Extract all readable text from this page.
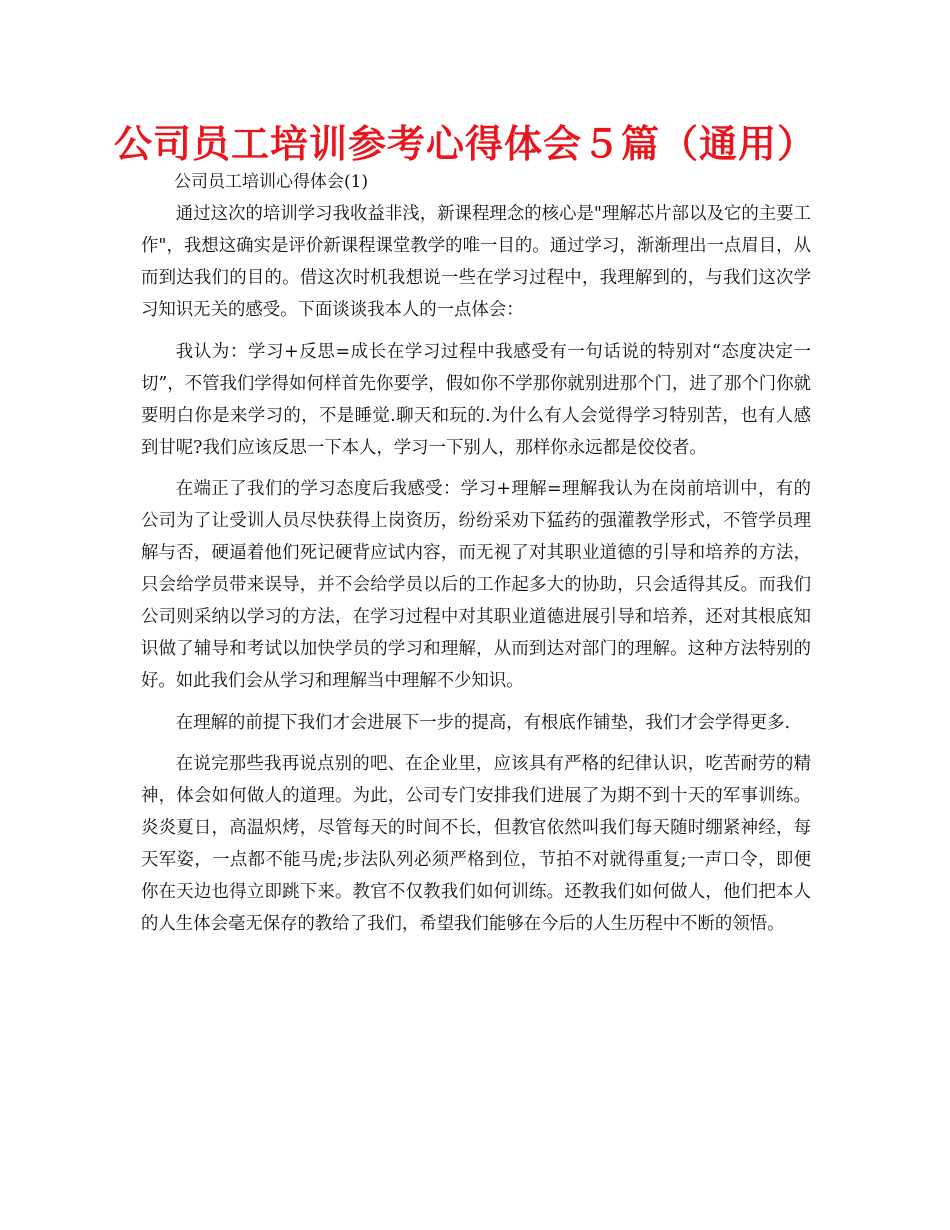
公司员工培训参考心得体会５篇（通用）
公司员工培训心得体会(1)

通过这次的培训学习我收益非浅，新课程理念的核心是"理解芯片部以及它的主要工作"，我想这确实是评价新课程课堂教学的唯一目的。通过学习，渐渐理出一点眉目，从而到达我们的目的。借这次时机我想说一些在学习过程中，我理解到的，与我们这次学习知识无关的感受。下面谈谈我本人的一点体会：

我认为：学习+反思=成长在学习过程中我感受有一句话说的特别对“态度决定一切”，不管我们学得如何样首先你要学，假如你不学那你就别进那个门，进了那个门你就要明白你是来学习的，不是睡觉.聊天和玩的.为什么有人会觉得学习特别苦，也有人感到甘呢?我们应该反思一下本人，学习一下别人，那样你永远都是佼佼者。

在端正了我们的学习态度后我感受：学习+理解=理解我认为在岗前培训中，有的公司为了让受训人员尽快获得上岗资历，纷纷采劝下猛药的强灌教学形式，不管学员理解与否，硬逼着他们死记硬背应试内容，而无视了对其职业道德的引导和培养的方法，只会给学员带来误导，并不会给学员以后的工作起多大的协助，只会适得其反。而我们公司则采纳以学习的方法，在学习过程中对其职业道德进展引导和培养，还对其根底知识做了辅导和考试以加快学员的学习和理解，从而到达对部门的理解。这种方法特别的好。如此我们会从学习和理解当中理解不少知识。

在理解的前提下我们才会进展下一步的提高，有根底作铺垫，我们才会学得更多.

在说完那些我再说点别的吧、在企业里，应该具有严格的纪律认识，吃苦耐劳的精神，体会如何做人的道理。为此，公司专门安排我们进展了为期不到十天的军事训练。炎炎夏日，高温炽烤，尽管每天的时间不长，但教官依然叫我们每天随时绷紧神经，每天军姿，一点都不能马虎;步法队列必须严格到位，节拍不对就得重复;一声口令，即便你在天边也得立即跳下来。教官不仅教我们如何训练。还教我们如何做人，他们把本人的人生体会毫无保存的教给了我们，希望我们能够在今后的人生历程中不断的领悟。
